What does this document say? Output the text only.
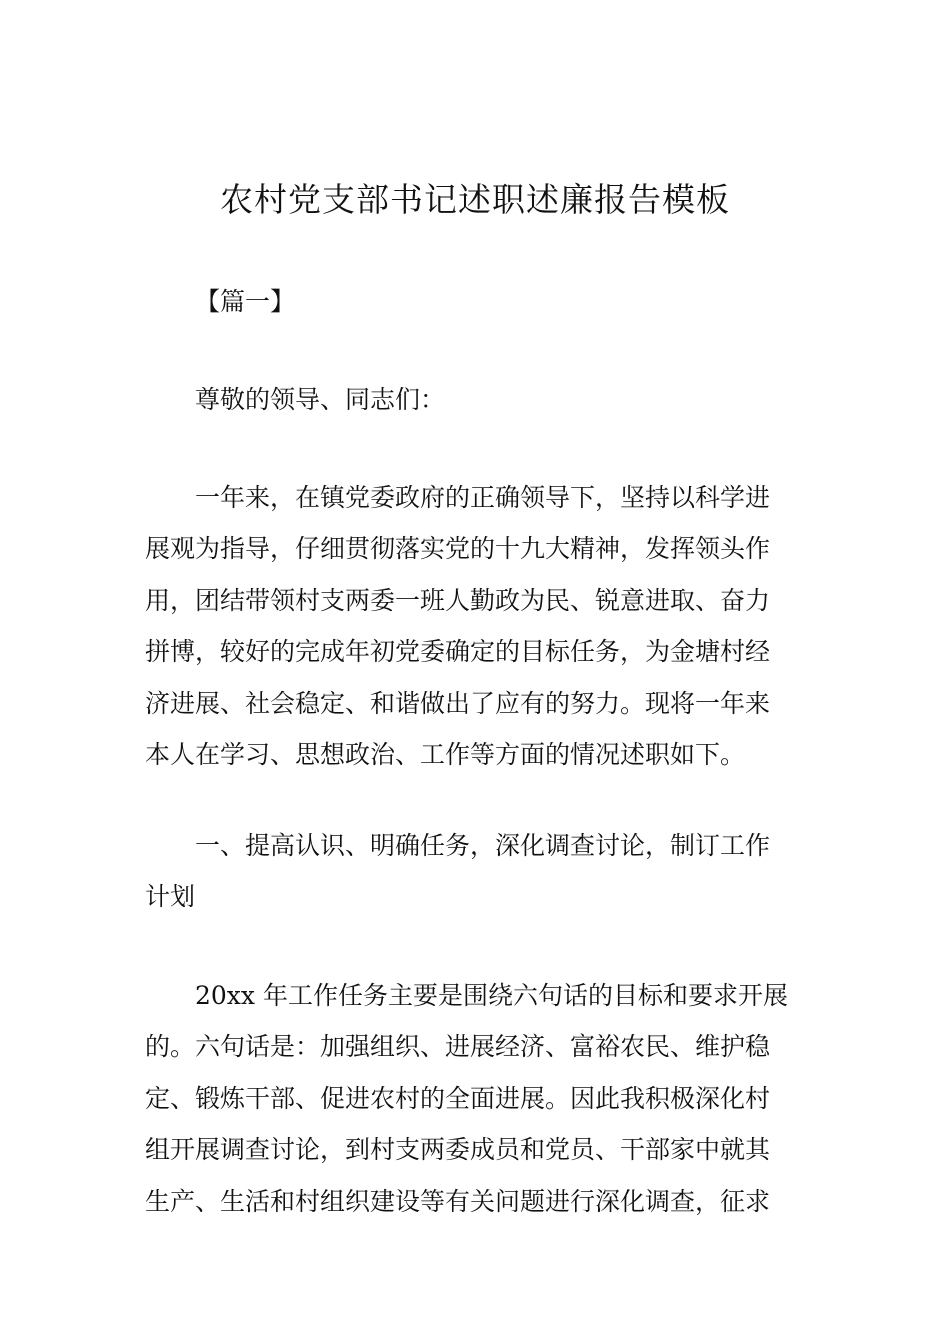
农村党支部书记述职述廉报告模板
【篇一】
尊敬的领导、同志们：
一年来，在镇党委政府的正确领导下，坚持以科学进
展观为指导，仔细贯彻落实党的十九大精神，发挥领头作
用，团结带领村支两委一班人勤政为民、锐意进取、奋力
拼博，较好的完成年初党委确定的目标任务，为金塘村经
济进展、社会稳定、和谐做出了应有的努力。现将一年来
本人在学习、思想政治、工作等方面的情况述职如下。
一、提高认识、明确任务，深化调查讨论，制订工作
计划
20xx 年工作任务主要是围绕六句话的目标和要求开展
的。六句话是：加强组织、进展经济、富裕农民、维护稳
定、锻炼干部、促进农村的全面进展。因此我积极深化村
组开展调查讨论，到村支两委成员和党员、干部家中就其
生产、生活和村组织建设等有关问题进行深化调查，征求
